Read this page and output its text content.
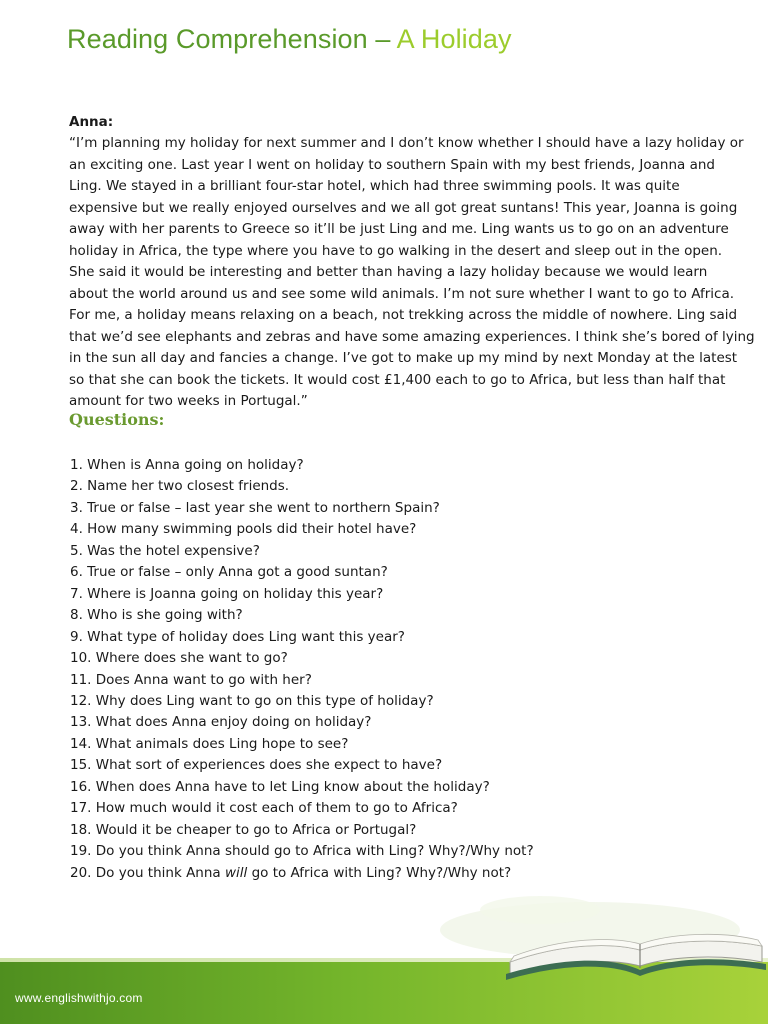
Reading Comprehension – A Holiday
Anna:

“I’m planning my holiday for next summer and I don’t know whether I should have a lazy holiday or
an exciting one. Last year I went on holiday to southern Spain with my best friends, Joanna and
Ling. We stayed in a brilliant four-star hotel, which had three swimming pools. It was quite
expensive but we really enjoyed ourselves and we all got great suntans! This year, Joanna is going
away with her parents to Greece so it’ll be just Ling and me. Ling wants us to go on an adventure
holiday in Africa, the type where you have to go walking in the desert and sleep out in the open.
She said it would be interesting and better than having a lazy holiday because we would learn
about the world around us and see some wild animals. I’m not sure whether I want to go to Africa.
For me, a holiday means relaxing on a beach, not trekking across the middle of nowhere. Ling said
that we’d see elephants and zebras and have some amazing experiences. I think she’s bored of lying
in the sun all day and fancies a change. I’ve got to make up my mind by next Monday at the latest
so that she can book the tickets. It would cost £1,400 each to go to Africa, but less than half that
amount for two weeks in Portugal.”

Questions:
1. When is Anna going on holiday?
2. Name her two closest friends.
3. True or false – last year she went to northern Spain?
4. How many swimming pools did their hotel have?
5. Was the hotel expensive?
6. True or false – only Anna got a good suntan?
7. Where is Joanna going on holiday this year?
8. Who is she going with?
9. What type of holiday does Ling want this year?
10. Where does she want to go?
11. Does Anna want to go with her?
12. Why does Ling want to go on this type of holiday?
13. What does Anna enjoy doing on holiday?
14. What animals does Ling hope to see?
15. What sort of experiences does she expect to have?
16. When does Anna have to let Ling know about the holiday?
17. How much would it cost each of them to go to Africa?
18. Would it be cheaper to go to Africa or Portugal?
19. Do you think Anna should go to Africa with Ling? Why?/Why not?
20. Do you think Anna will go to Africa with Ling? Why?/Why not?
www.englishwithjo.com
